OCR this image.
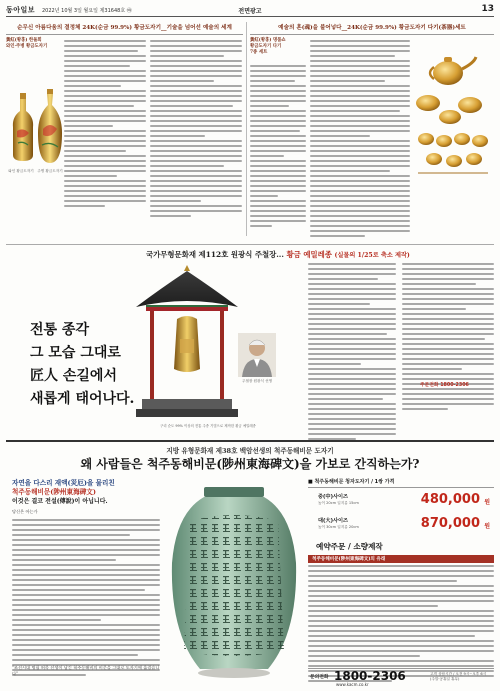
동아일보 2022년 10월 3일 월요일 제31648호 ㉳	전면광고	13
순무신 아름다움의 결정체 24K(순금 99.9%) 황금도자기__기술을 넘어선 예술의 세계
黃紅(황홍) 한돌회
와인·주병 황금도자기
와인 황금도자기 주병 황금도자기
예술의 혼(魂)을 불어넣다__24K(순금 99.9%) 황금도자기 다기(茶器)세트
黃紅(황홍) 명품쇼
황금도자기 다기
7종 세트
국가무형문화재 제112호 원광식 주철장... 황금 예밀레종 (실물의 1/25로 축소 제작)
전통 종각
그 모습 그대로
匠人 손길에서
새롭게 태어나다.
주철장 원광식 선생
구리 순도 99% 이상의 전통 주종 기법으로 제작한 황금 예밀레종
주문전화 1800-2306
지방 유형문화재 제38호 백암선생의 척주동해비문 도자기
왜 사람들은 척주동해비문(陟州東海碑文)을 가보로 간직하는가?
자연을 다스리 재액(災厄)을 물리친
척주동해비문(陟州東海碑文)
이것은 결코 전설(傳說)이 아닙니다.
당신은 아는가
"조선시대 명필 허목 선생이 남긴 척주동해비의 비문을 그대로 도자기에 옮겼습니다"
■ 척주동해비문 청자도자기 / 1쌍 가격
중(中)사이즈
높이 20cm 입지름 15cm	480,000 원
대(大)사이즈
높이 30cm 입지름 20cm	870,000 원
예약주문 / 소량제작
척주동해비문(陟州東海碑文)의 유래
문의전화 1800-2306
www.kacm.co.kr
고객 상담시간 / 오전 9시~오후 6시 (주말·공휴일 휴무)
